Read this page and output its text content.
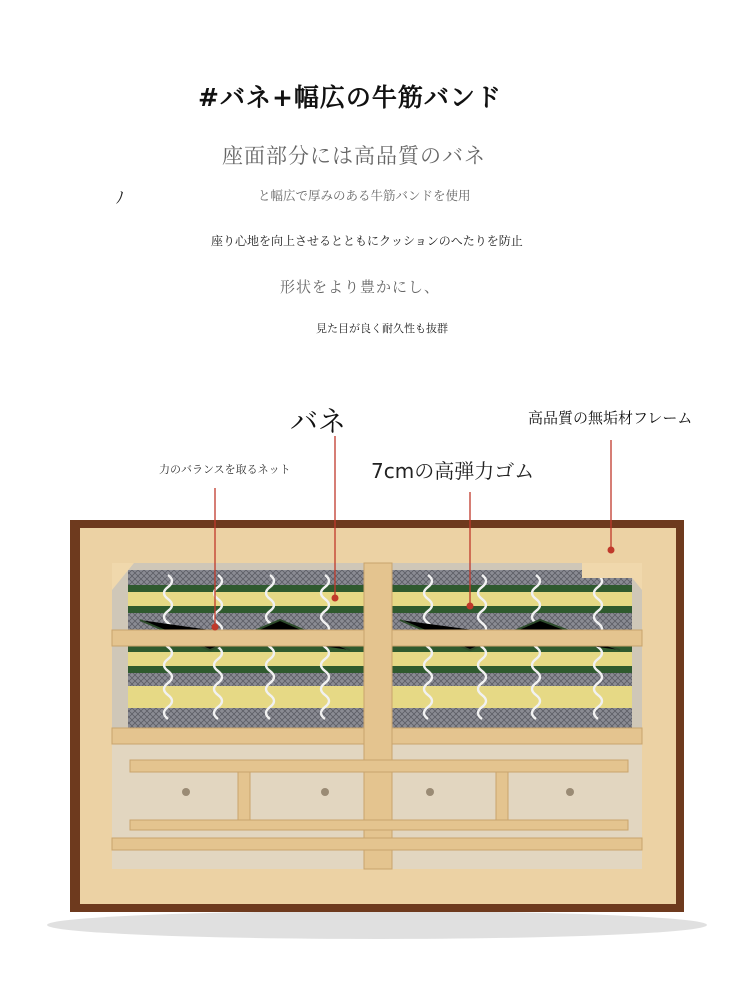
#バネ+幅広の牛筋バンド
座面部分には高品質のバネ
と幅広で厚みのある牛筋バンドを使用
座り心地を向上させるとともにクッションのへたりを防止
形状をより豊かにし、
見た目が良く耐久性も抜群
ﾉ
バネ	高品質の無垢材フレーム
力のバランスを取るネット	7cmの高弾力ゴム
